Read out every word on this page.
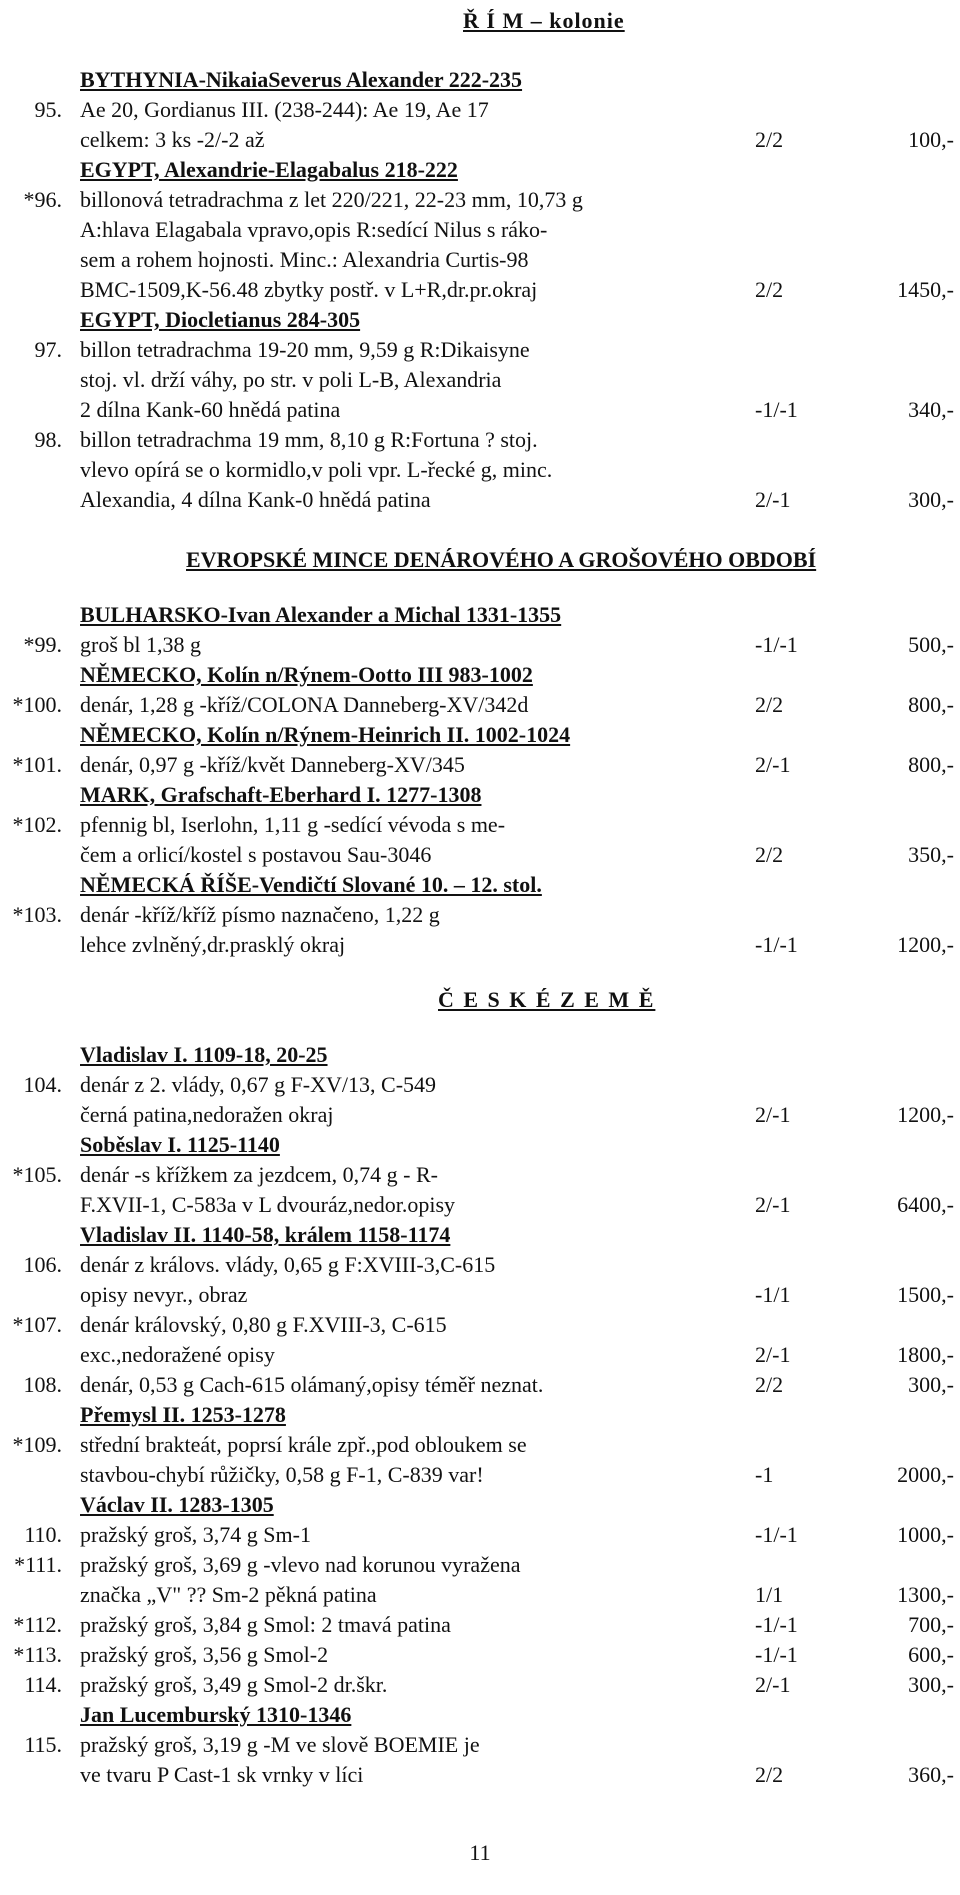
Ř Í M – kolonie
BYTHYNIA-NikaiaSeverus Alexander 222-235
95. Ae 20, Gordianus III. (238-244): Ae 19, Ae 17
celkem: 3 ks -2/-2 až	2/2	100,-
EGYPT, Alexandrie-Elagabalus 218-222
*96. billonová tetradrachma z let 220/221, 22-23 mm, 10,73 g
A:hlava Elagabala vpravo,opis R:sedící Nilus s ráko-
sem a rohem hojnosti. Minc.: Alexandria Curtis-98
BMC-1509,K-56.48 zbytky postř. v L+R,dr.pr.okraj	2/2	1450,-
EGYPT, Diocletianus 284-305
97. billon tetradrachma 19-20 mm, 9,59 g R:Dikaisyne
stoj. vl. drží váhy, po str. v poli L-B, Alexandria
2 dílna Kank-60 hnědá patina	-1/-1	340,-
98. billon tetradrachma 19 mm, 8,10 g R:Fortuna ? stoj.
vlevo opírá se o kormidlo,v poli vpr. L-řecké g, minc.
Alexandia, 4 dílna Kank-0 hnědá patina	2/-1	300,-
EVROPSKÉ MINCE DENÁROVÉHO A GROŠOVÉHO OBDOBÍ
BULHARSKO-Ivan Alexander a Michal 1331-1355
*99. groš bl 1,38 g	-1/-1	500,-
NĚMECKO, Kolín n/Rýnem-Ootto III 983-1002
*100. denár, 1,28 g -kříž/COLONA Danneberg-XV/342d	2/2	800,-
NĚMECKO, Kolín n/Rýnem-Heinrich II. 1002-1024
*101. denár, 0,97 g -kříž/květ Danneberg-XV/345	2/-1	800,-
MARK, Grafschaft-Eberhard I. 1277-1308
*102. pfennig bl, Iserlohn, 1,11 g -sedící vévoda s me-
čem a orlicí/kostel s postavou Sau-3046	2/2	350,-
NĚMECKÁ ŘÍŠE-Vendičtí Slované 10. – 12. stol.
*103. denár -kříž/kříž písmo naznačeno, 1,22 g
lehce zvlněný,dr.prasklý okraj	-1/-1	1200,-
Č E S K É Z E M Ě
Vladislav I. 1109-18, 20-25
104. denár z 2. vlády, 0,67 g F-XV/13, C-549
černá patina,nedoražen okraj	2/-1	1200,-
Soběslav I. 1125-1140
*105. denár -s křížkem za jezdcem, 0,74 g - R-
F.XVII-1, C-583a v L dvouráz,nedor.opisy	2/-1	6400,-
Vladislav II. 1140-58, králem 1158-1174
106. denár z královs. vlády, 0,65 g F:XVIII-3,C-615
opisy nevyr., obraz	-1/1	1500,-
*107. denár královský, 0,80 g F.XVIII-3, C-615
exc.,nedoražené opisy	2/-1	1800,-
108. denár, 0,53 g Cach-615 olámaný,opisy téměř neznat.	2/2	300,-
Přemysl II. 1253-1278
*109. střední brakteát, poprsí krále zpř.,pod obloukem se
stavbou-chybí růžičky, 0,58 g F-1, C-839 var!	-1	2000,-
Václav II. 1283-1305
110. pražský groš, 3,74 g Sm-1	-1/-1	1000,-
*111. pražský groš, 3,69 g -vlevo nad korunou vyražena
značka „V" ?? Sm-2 pěkná patina	1/1	1300,-
*112. pražský groš, 3,84 g Smol: 2 tmavá patina	-1/-1	700,-
*113. pražský groš, 3,56 g Smol-2	-1/-1	600,-
114. pražský groš, 3,49 g Smol-2 dr.škr.	2/-1	300,-
Jan Lucemburský 1310-1346
115. pražský groš, 3,19 g -M ve slově BOEMIE je
ve tvaru P Cast-1 sk vrnky v líci	2/2	360,-
11
